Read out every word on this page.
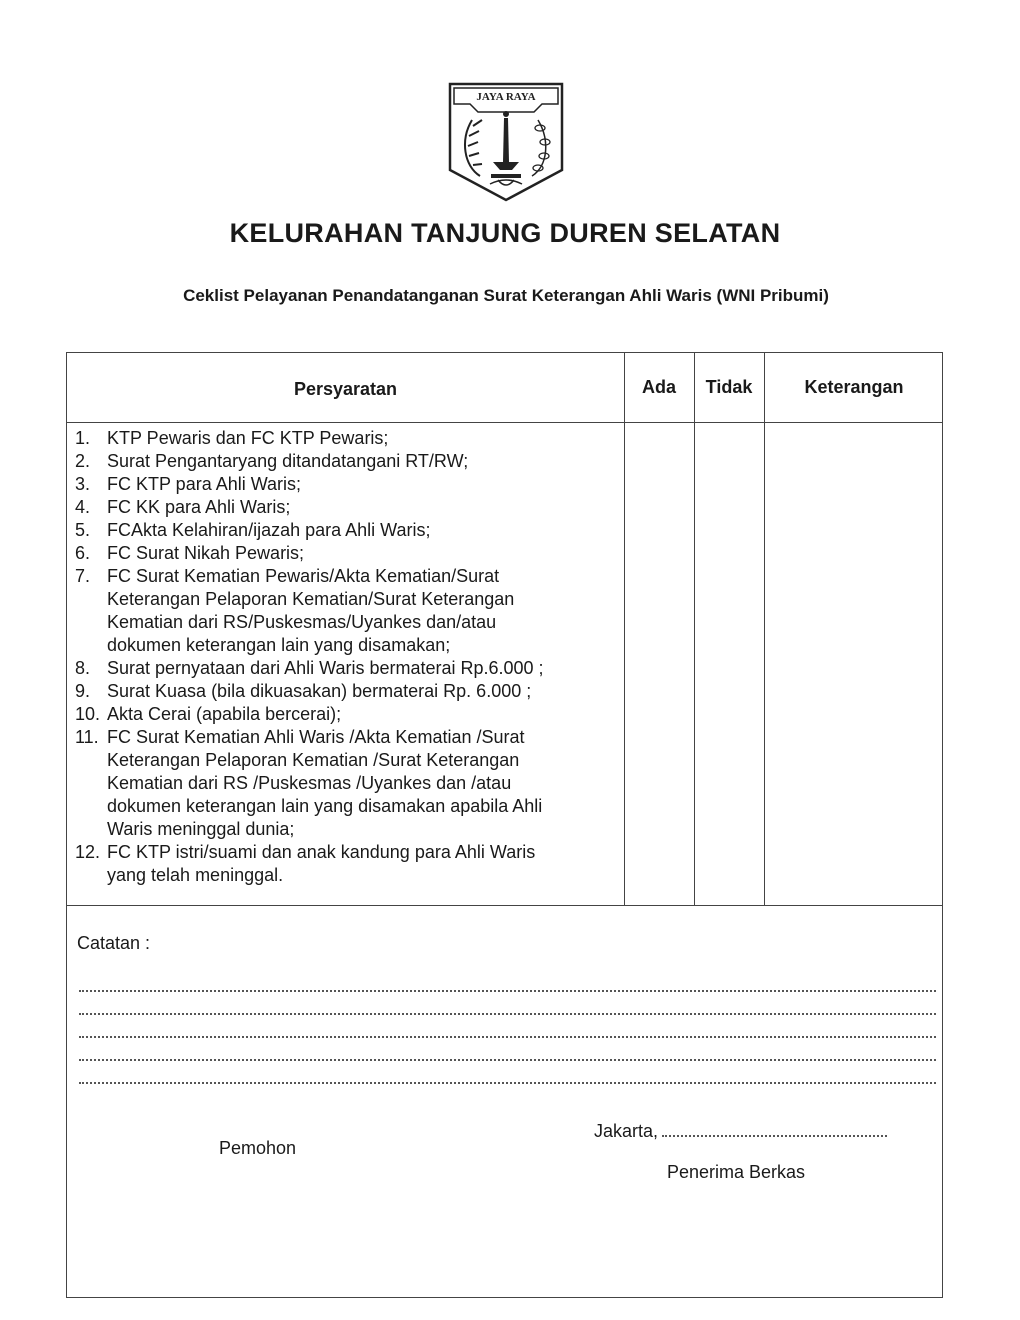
JAYA RAYA
KELURAHAN TANJUNG DUREN SELATAN
Ceklist Pelayanan Penandatanganan Surat Keterangan Ahli Waris (WNI Pribumi)
Persyaratan	Ada	Tidak	Keterangan
1. KTP Pewaris dan FC KTP Pewaris;
2. Surat Pengantaryang ditandatangani RT/RW;
3. FC KTP para Ahli Waris;
4. FC KK para Ahli Waris;
5. FCAkta Kelahiran/ijazah para Ahli Waris;
6. FC Surat Nikah Pewaris;
7. FC Surat Kematian Pewaris/Akta Kematian/Surat
Keterangan Pelaporan Kematian/Surat Keterangan
Kematian dari RS/Puskesmas/Uyankes dan/atau
dokumen keterangan lain yang disamakan;
8. Surat pernyataan dari Ahli Waris bermaterai Rp.6.000 ;
9. Surat Kuasa (bila dikuasakan) bermaterai Rp. 6.000 ;
10. Akta Cerai (apabila bercerai);
11. FC Surat Kematian Ahli Waris /Akta Kematian /Surat
Keterangan Pelaporan Kematian /Surat Keterangan
Kematian dari RS /Puskesmas /Uyankes dan /atau
dokumen keterangan lain yang disamakan apabila Ahli
Waris meninggal dunia;
12. FC KTP istri/suami dan anak kandung para Ahli Waris
yang telah meninggal.
Catatan :
Jakarta,
Pemohon
Penerima Berkas
